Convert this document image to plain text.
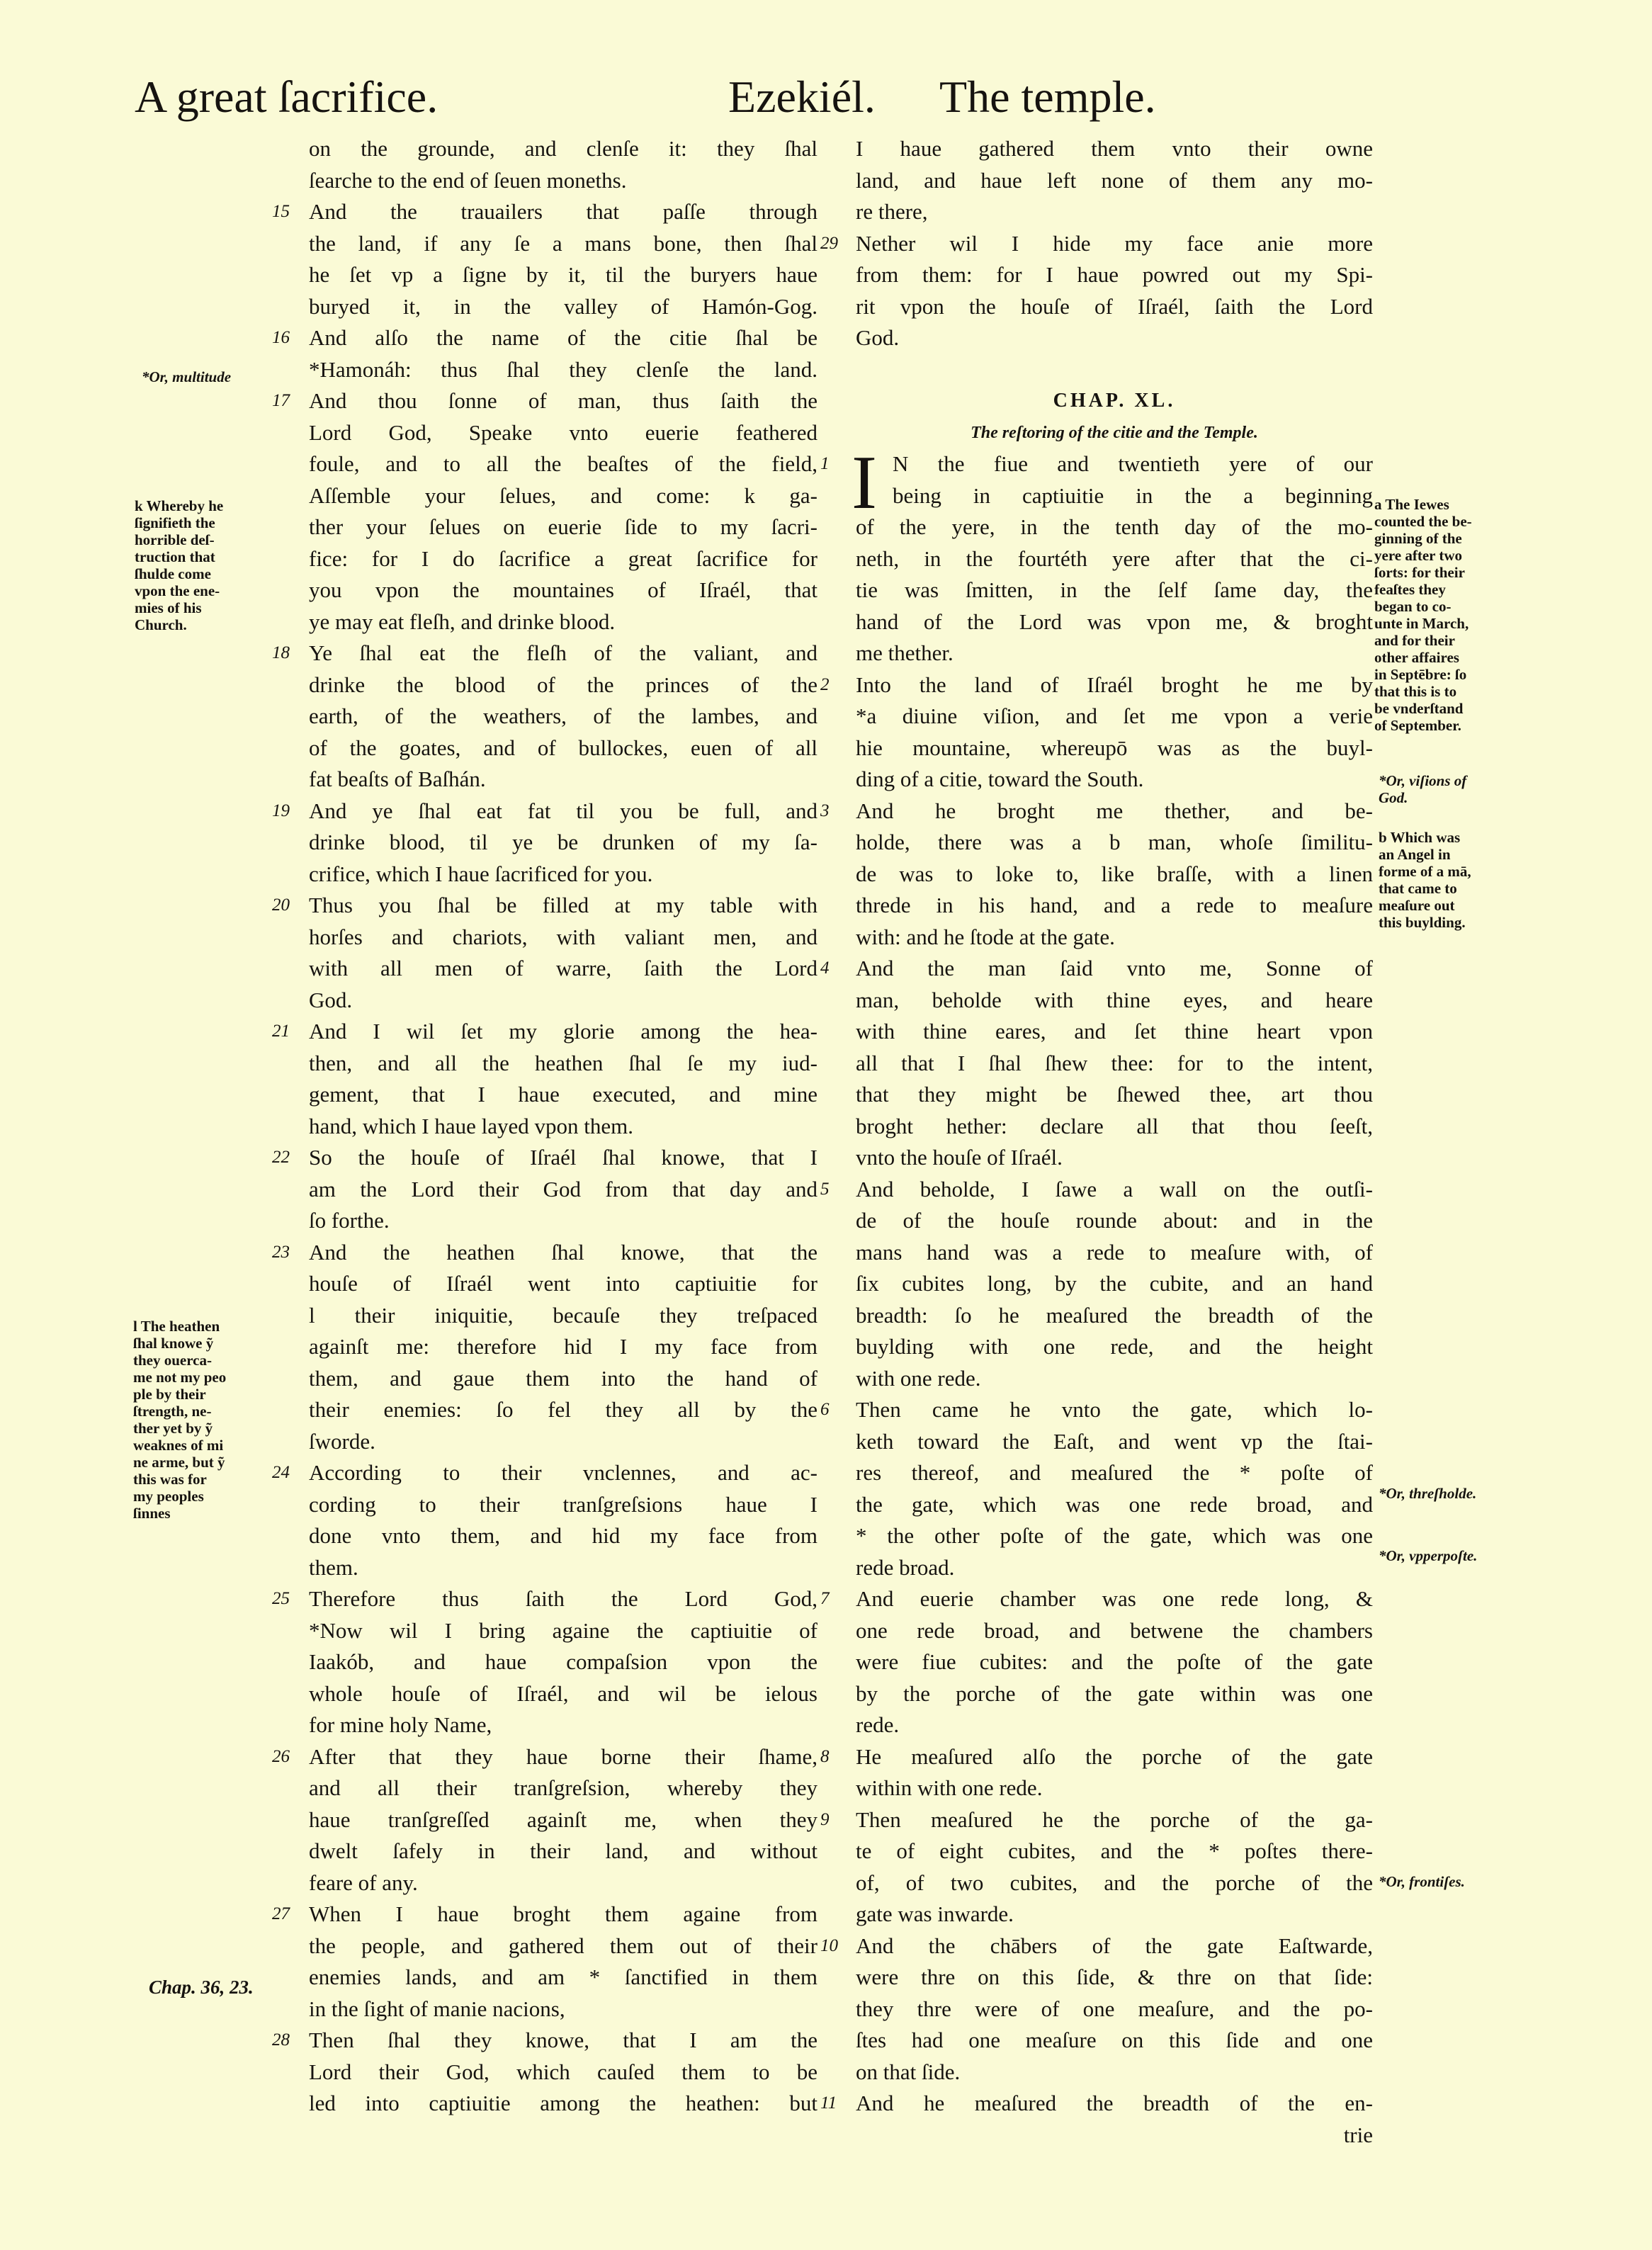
A great ſacrifice.	Ezekiél. The temple.
on the grounde, and clenſe it: they ſhal
ſearche to the end of ſeuen moneths.
15 And the trauailers that paſſe through
the land, if any ſe a mans bone, then ſhal
he ſet vp a ſigne by it, til the buryers haue
buryed it, in the valley of Hamón-Gog.
16 And alſo the name of the citie ſhal be
*Hamonáh: thus ſhal they clenſe the land.
17 And thou ſonne of man, thus ſaith the
Lord God, Speake vnto euerie feathered
foule, and to all the beaſtes of the field,
Aſſemble your ſelues, and come: k ga-
ther your ſelues on euerie ſide to my ſacri-
fice: for I do ſacrifice a great ſacrifice for
you vpon the mountaines of Iſraél, that
ye may eat fleſh, and drinke blood.
18 Ye ſhal eat the fleſh of the valiant, and
drinke the blood of the princes of the
earth, of the weathers, of the lambes, and
of the goates, and of bullockes, euen of all
fat beaſts of Baſhán.
19 And ye ſhal eat fat til you be full, and
drinke blood, til ye be drunken of my ſa-
crifice, which I haue ſacrificed for you.
20 Thus you ſhal be filled at my table with
horſes and chariots, with valiant men, and
with all men of warre, ſaith the Lord
God.
21 And I wil ſet my glorie among the hea-
then, and all the heathen ſhal ſe my iud-
gement, that I haue executed, and mine
hand, which I haue layed vpon them.
22 So the houſe of Iſraél ſhal knowe, that I
am the Lord their God from that day and
ſo forthe.
23 And the heathen ſhal knowe, that the
houſe of Iſraél went into captiuitie for
l their iniquitie, becauſe they treſpaced
againſt me: therefore hid I my face from
them, and gaue them into the hand of
their enemies: ſo fel they all by the
ſworde.
24 According to their vnclennes, and ac-
cording to their tranſgreſsions haue I
done vnto them, and hid my face from
them.
25 Therefore thus ſaith the Lord God,
*Now wil I bring againe the captiuitie of
Iaakób, and haue compaſsion vpon the
whole houſe of Iſraél, and wil be ielous
for mine holy Name,
26 After that they haue borne their ſhame,
and all their tranſgreſsion, whereby they
haue tranſgreſſed againſt me, when they
dwelt ſafely in their land, and without
feare of any.
27 When I haue broght them againe from
the people, and gathered them out of their
enemies lands, and am * ſanctified in them
in the ſight of manie nacions,
28 Then ſhal they knowe, that I am the
Lord their God, which cauſed them to be
led into captiuitie among the heathen: but
I haue gathered them vnto their owne
land, and haue left none of them any mo-
re there,
29 Nether wil I hide my face anie more
from them: for I haue powred out my Spi-
rit vpon the houſe of Iſraél, ſaith the Lord
God.
CHAP. XL.
The reſtoring of the citie and the Temple.
1 I N the fiue and twentieth yere of our
being in captiuitie in the a beginning
of the yere, in the tenth day of the mo-
neth, in the fourtéth yere after that the ci-
tie was ſmitten, in the ſelf ſame day, the
hand of the Lord was vpon me, & broght
me thether.
2 Into the land of Iſraél broght he me by
*a diuine viſion, and ſet me vpon a verie
hie mountaine, whereupō was as the buyl-
ding of a citie, toward the South.
3 And he broght me thether, and be-
holde, there was a b man, whoſe ſimilitu-
de was to loke to, like braſſe, with a linen
threde in his hand, and a rede to meaſure
with: and he ſtode at the gate.
4 And the man ſaid vnto me, Sonne of
man, beholde with thine eyes, and heare
with thine eares, and ſet thine heart vpon
all that I ſhal ſhew thee: for to the intent,
that they might be ſhewed thee, art thou
broght hether: declare all that thou ſeeſt,
vnto the houſe of Iſraél.
5 And beholde, I ſawe a wall on the outſi-
de of the houſe rounde about: and in the
mans hand was a rede to meaſure with, of
ſix cubites long, by the cubite, and an hand
breadth: ſo he meaſured the breadth of the
buylding with one rede, and the height
with one rede.
6 Then came he vnto the gate, which lo-
keth toward the Eaſt, and went vp the ſtai-
res thereof, and meaſured the * poſte of
the gate, which was one rede broad, and
* the other poſte of the gate, which was one
rede broad.
7 And euerie chamber was one rede long, &
one rede broad, and betwene the chambers
were fiue cubites: and the poſte of the gate
by the porche of the gate within was one
rede.
8 He meaſured alſo the porche of the gate
within with one rede.
9 Then meaſured he the porche of the ga-
te of eight cubites, and the * poſtes there-
of, of two cubites, and the porche of the
gate was inwarde.
10 And the chābers of the gate Eaſtwarde,
were thre on this ſide, & thre on that ſide:
they thre were of one meaſure, and the po-
ſtes had one meaſure on this ſide and one
on that ſide.
11 And he meaſured the breadth of the en-
trie
*Or, multitude
k Whereby he
ſignifieth the
horrible deſ-
truction that
ſhulde come
vpon the ene-
mies of his
Church.
l The heathen
ſhal knowe ỹ
they ouerca-
me not my peo
ple by their
ſtrength, ne-
ther yet by ỹ
weaknes of mi
ne arme, but ỹ
this was for
my peoples
ſinnes
Chap. 36, 23.
a The Iewes
counted the be-
ginning of the
yere after two
ſorts: for their
feaſtes they
began to co-
unte in March,
and for their
other affaires
in Septēbre: ſo
that this is to
be vnderſtand
of September.
*Or, viſions of
God.
b Which was
an Angel in
forme of a mā,
that came to
meaſure out
this buylding.
*Or, threſholde.
*Or, vpperpoſte.
*Or, frontiſes.
